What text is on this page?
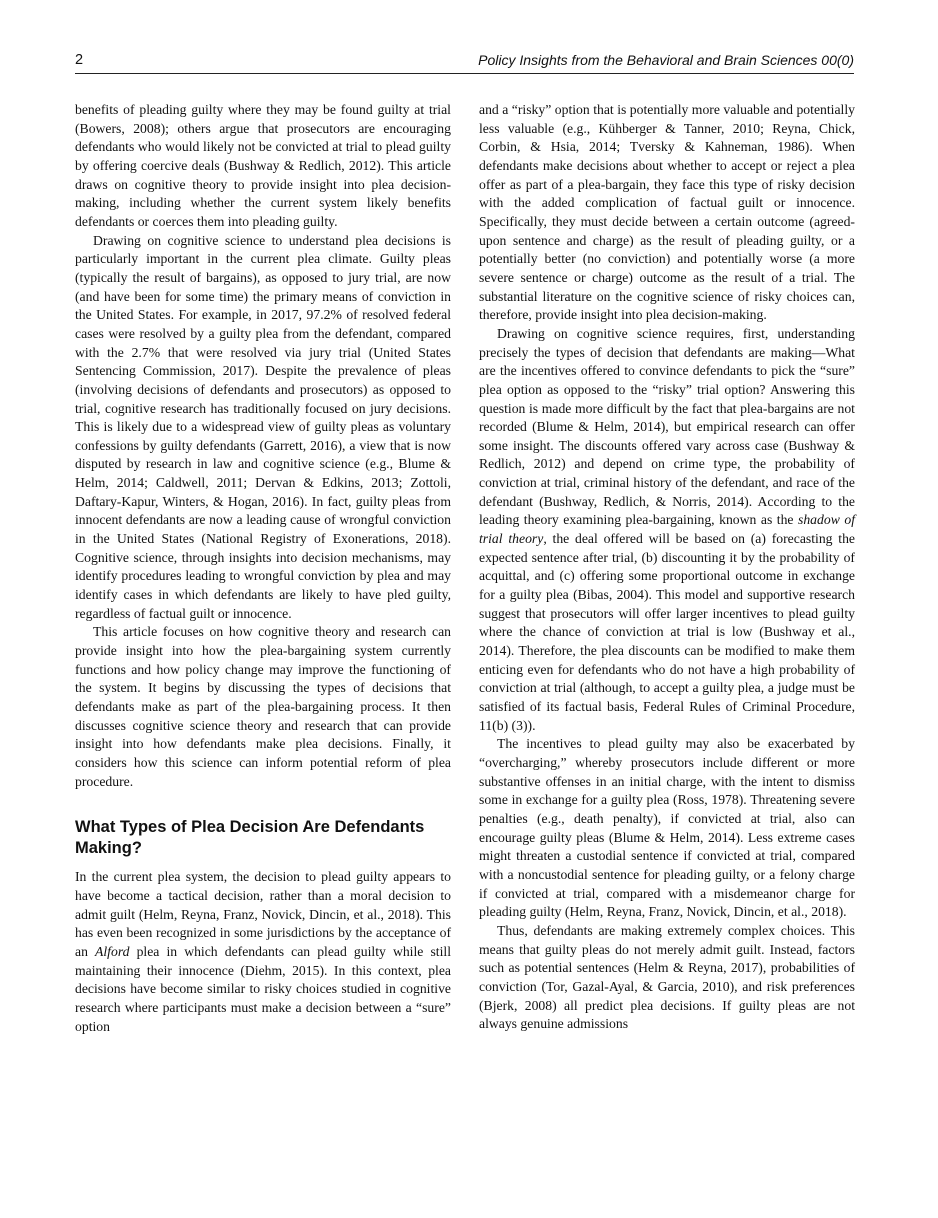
2	Policy Insights from the Behavioral and Brain Sciences 00(0)

benefits of pleading guilty where they may be found guilty at trial (Bowers, 2008); others argue that prosecutors are encouraging defendants who would likely not be convicted at trial to plead guilty by offering coercive deals (Bushway & Redlich, 2012). This article draws on cognitive theory to provide insight into plea decision-making, including whether the current system likely benefits defendants or coerces them into pleading guilty.

Drawing on cognitive science to understand plea decisions is particularly important in the current plea climate. Guilty pleas (typically the result of bargains), as opposed to jury trial, are now (and have been for some time) the primary means of conviction in the United States. For example, in 2017, 97.2% of resolved federal cases were resolved by a guilty plea from the defendant, compared with the 2.7% that were resolved via jury trial (United States Sentencing Commission, 2017). Despite the prevalence of pleas (involving decisions of defendants and prosecutors) as opposed to trial, cognitive research has traditionally focused on jury decisions. This is likely due to a widespread view of guilty pleas as voluntary confessions by guilty defendants (Garrett, 2016), a view that is now disputed by research in law and cognitive science (e.g., Blume & Helm, 2014; Caldwell, 2011; Dervan & Edkins, 2013; Zottoli, Daftary-Kapur, Winters, & Hogan, 2016). In fact, guilty pleas from innocent defendants are now a leading cause of wrongful conviction in the United States (National Registry of Exonerations, 2018). Cognitive science, through insights into decision mechanisms, may identify procedures leading to wrongful conviction by plea and may identify cases in which defendants are likely to have pled guilty, regardless of factual guilt or innocence.

This article focuses on how cognitive theory and research can provide insight into how the plea-bargaining system currently functions and how policy change may improve the functioning of the system. It begins by discussing the types of decisions that defendants make as part of the plea-bargaining process. It then discusses cognitive science theory and research that can provide insight into how defendants make plea decisions. Finally, it considers how this science can inform potential reform of plea procedure.

What Types of Plea Decision Are Defendants Making?

In the current plea system, the decision to plead guilty appears to have become a tactical decision, rather than a moral decision to admit guilt (Helm, Reyna, Franz, Novick, Dincin, et al., 2018). This has even been recognized in some jurisdictions by the acceptance of an Alford plea in which defendants can plead guilty while still maintaining their innocence (Diehm, 2015). In this context, plea decisions have become similar to risky choices studied in cognitive research where participants must make a decision between a “sure” option

and a “risky” option that is potentially more valuable and potentially less valuable (e.g., Kühberger & Tanner, 2010; Reyna, Chick, Corbin, & Hsia, 2014; Tversky & Kahneman, 1986). When defendants make decisions about whether to accept or reject a plea offer as part of a plea-bargain, they face this type of risky decision with the added complication of factual guilt or innocence. Specifically, they must decide between a certain outcome (agreed-upon sentence and charge) as the result of pleading guilty, or a potentially better (no conviction) and potentially worse (a more severe sentence or charge) outcome as the result of a trial. The substantial literature on the cognitive science of risky choices can, therefore, provide insight into plea decision-making.

Drawing on cognitive science requires, first, understanding precisely the types of decision that defendants are making—What are the incentives offered to convince defendants to pick the “sure” plea option as opposed to the “risky” trial option? Answering this question is made more difficult by the fact that plea-bargains are not recorded (Blume & Helm, 2014), but empirical research can offer some insight. The discounts offered vary across case (Bushway & Redlich, 2012) and depend on crime type, the probability of conviction at trial, criminal history of the defendant, and race of the defendant (Bushway, Redlich, & Norris, 2014). According to the leading theory examining plea-bargaining, known as the shadow of trial theory, the deal offered will be based on (a) forecasting the expected sentence after trial, (b) discounting it by the probability of acquittal, and (c) offering some proportional outcome in exchange for a guilty plea (Bibas, 2004). This model and supportive research suggest that prosecutors will offer larger incentives to plead guilty where the chance of conviction at trial is low (Bushway et al., 2014). Therefore, the plea discounts can be modified to make them enticing even for defendants who do not have a high probability of conviction at trial (although, to accept a guilty plea, a judge must be satisfied of its factual basis, Federal Rules of Criminal Procedure, 11(b) (3)).

The incentives to plead guilty may also be exacerbated by “overcharging,” whereby prosecutors include different or more substantive offenses in an initial charge, with the intent to dismiss some in exchange for a guilty plea (Ross, 1978). Threatening severe penalties (e.g., death penalty), if convicted at trial, also can encourage guilty pleas (Blume & Helm, 2014). Less extreme cases might threaten a custodial sentence if convicted at trial, compared with a noncustodial sentence for pleading guilty, or a felony charge if convicted at trial, compared with a misdemeanor charge for pleading guilty (Helm, Reyna, Franz, Novick, Dincin, et al., 2018).

Thus, defendants are making extremely complex choices. This means that guilty pleas do not merely admit guilt. Instead, factors such as potential sentences (Helm & Reyna, 2017), probabilities of conviction (Tor, Gazal-Ayal, & Garcia, 2010), and risk preferences (Bjerk, 2008) all predict plea decisions. If guilty pleas are not always genuine admissions
